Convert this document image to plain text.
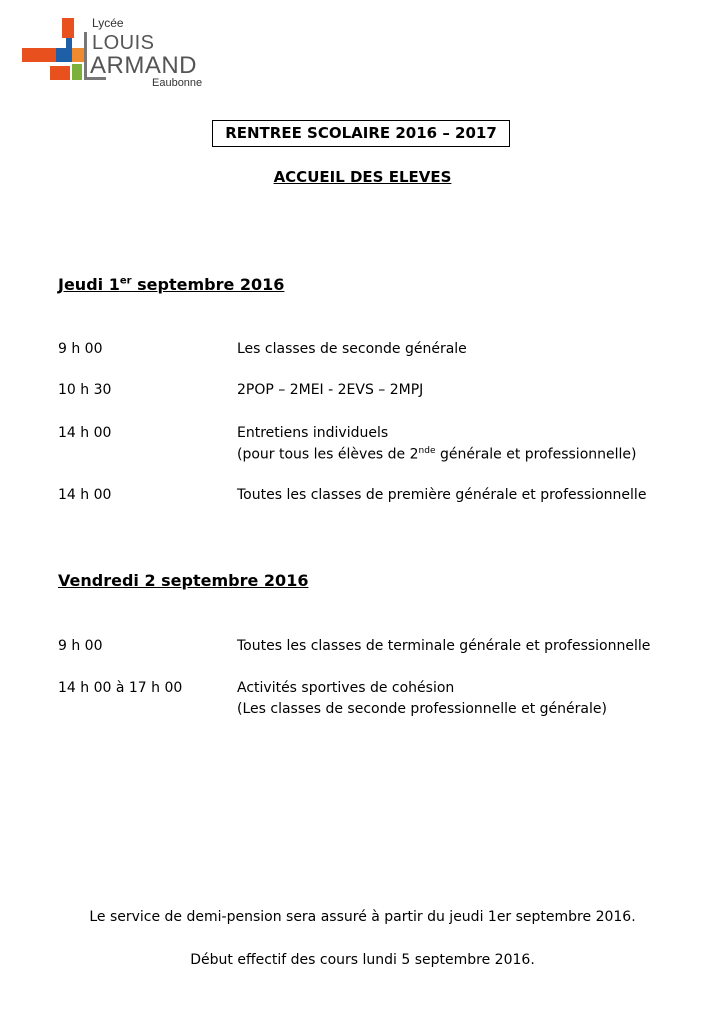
Lycée
LOUIS
ARMAND
Eaubonne
RENTREE SCOLAIRE 2016 – 2017
ACCUEIL DES ELEVES
Jeudi 1er septembre 2016
9 h 00	Les classes de seconde générale
10 h 30	2POP – 2MEI - 2EVS – 2MPJ
14 h 00	Entretiens individuels
(pour tous les élèves de 2nde générale et professionnelle)
14 h 00	Toutes les classes de première générale et professionnelle
Vendredi 2 septembre 2016
9 h 00	Toutes les classes de terminale générale et professionnelle
14 h 00 à 17 h 00	Activités sportives de cohésion
(Les classes de seconde professionnelle et générale)
Le service de demi-pension sera assuré à partir du jeudi 1er septembre 2016.
Début effectif des cours lundi 5 septembre 2016.
